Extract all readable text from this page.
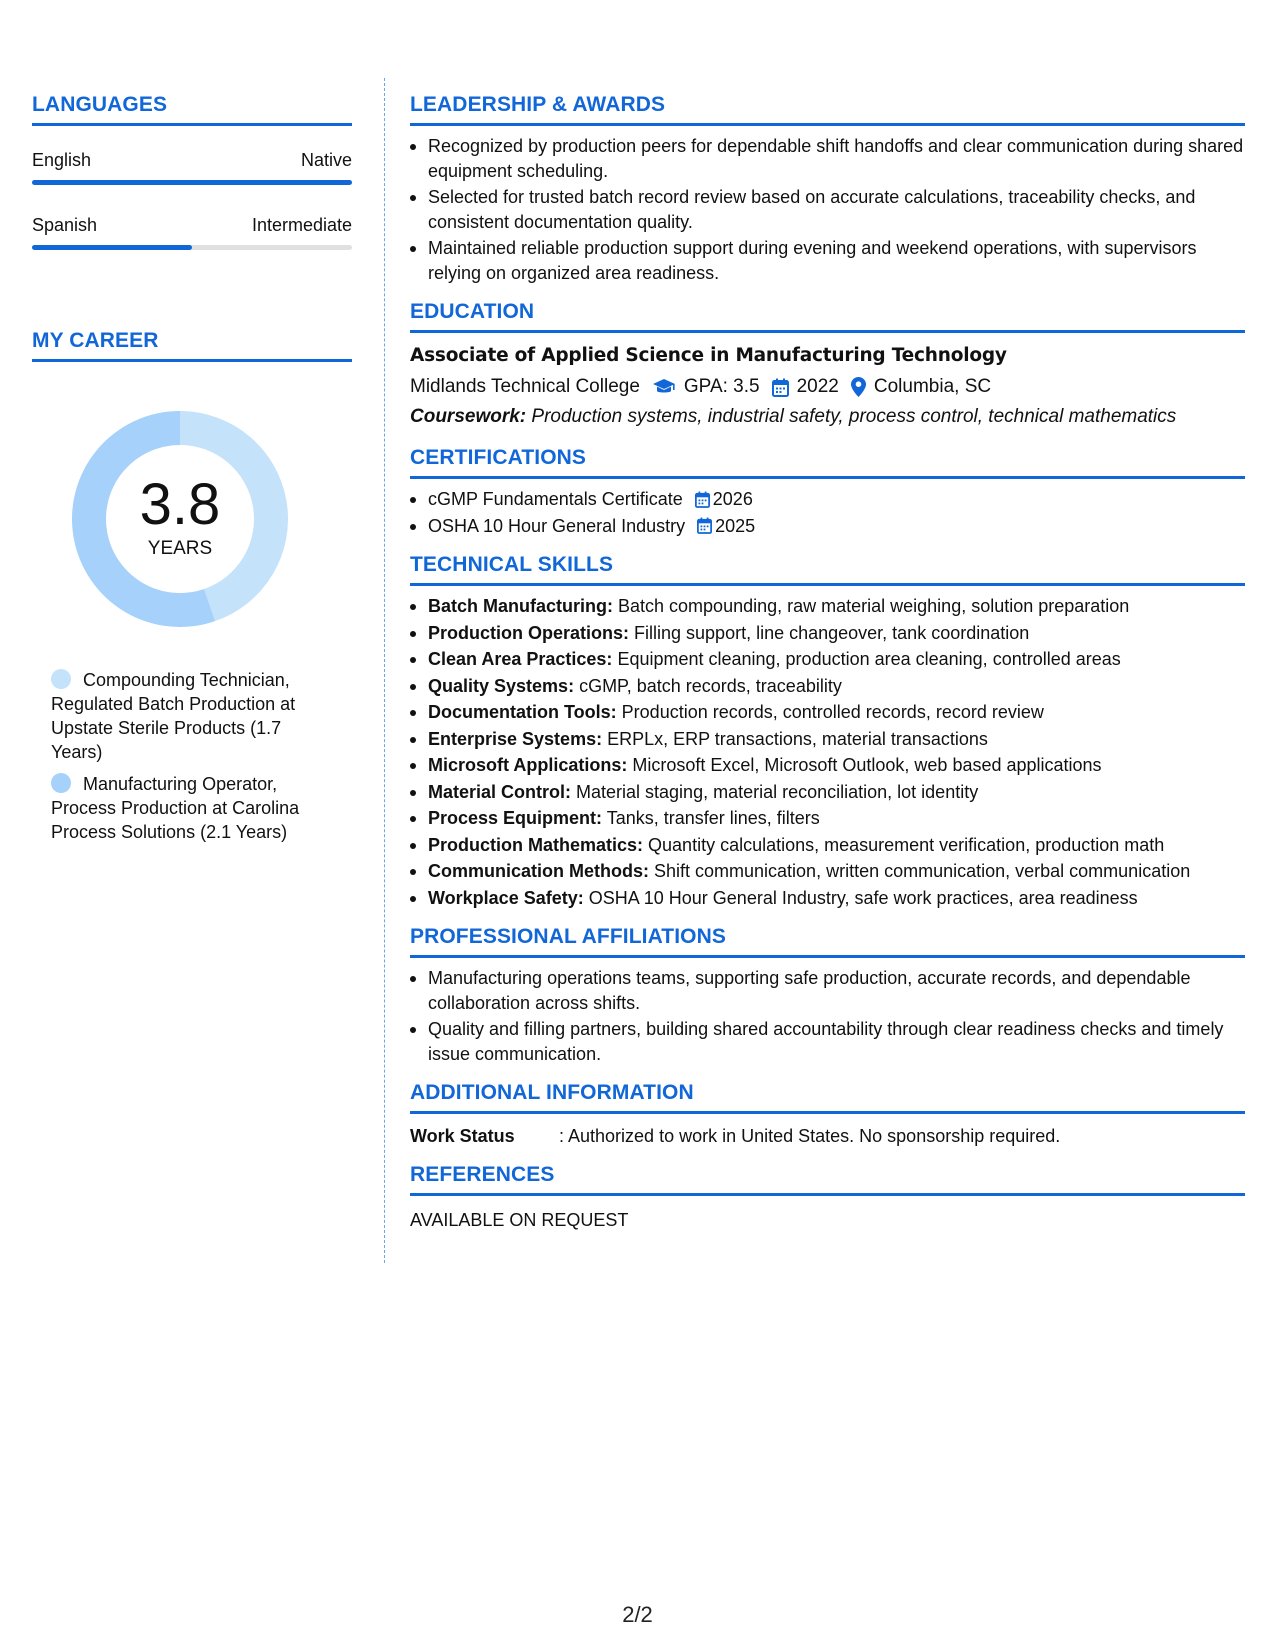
LANGUAGES
English	Native
Spanish	Intermediate
MY CAREER
3.8
YEARS
Compounding Technician, Regulated Batch Production at Upstate Sterile Products (1.7 Years)
Manufacturing Operator, Process Production at Carolina Process Solutions (2.1 Years)
LEADERSHIP & AWARDS
Recognized by production peers for dependable shift handoffs and clear communication during shared equipment scheduling.
Selected for trusted batch record review based on accurate calculations, traceability checks, and consistent documentation quality.
Maintained reliable production support during evening and weekend operations, with supervisors relying on organized area readiness.
EDUCATION
Associate of Applied Science in Manufacturing Technology
Midlands Technical College GPA: 3.5 2022 Columbia, SC
Coursework: Production systems, industrial safety, process control, technical mathematics
CERTIFICATIONS
cGMP Fundamentals Certificate 2026
OSHA 10 Hour General Industry 2025
TECHNICAL SKILLS
Batch Manufacturing: Batch compounding, raw material weighing, solution preparation
Production Operations: Filling support, line changeover, tank coordination
Clean Area Practices: Equipment cleaning, production area cleaning, controlled areas
Quality Systems: cGMP, batch records, traceability
Documentation Tools: Production records, controlled records, record review
Enterprise Systems: ERPLx, ERP transactions, material transactions
Microsoft Applications: Microsoft Excel, Microsoft Outlook, web based applications
Material Control: Material staging, material reconciliation, lot identity
Process Equipment: Tanks, transfer lines, filters
Production Mathematics: Quantity calculations, measurement verification, production math
Communication Methods: Shift communication, written communication, verbal communication
Workplace Safety: OSHA 10 Hour General Industry, safe work practices, area readiness
PROFESSIONAL AFFILIATIONS
Manufacturing operations teams, supporting safe production, accurate records, and dependable collaboration across shifts.
Quality and filling partners, building shared accountability through clear readiness checks and timely issue communication.
ADDITIONAL INFORMATION
Work Status	: Authorized to work in United States. No sponsorship required.
REFERENCES
AVAILABLE ON REQUEST
2/2
